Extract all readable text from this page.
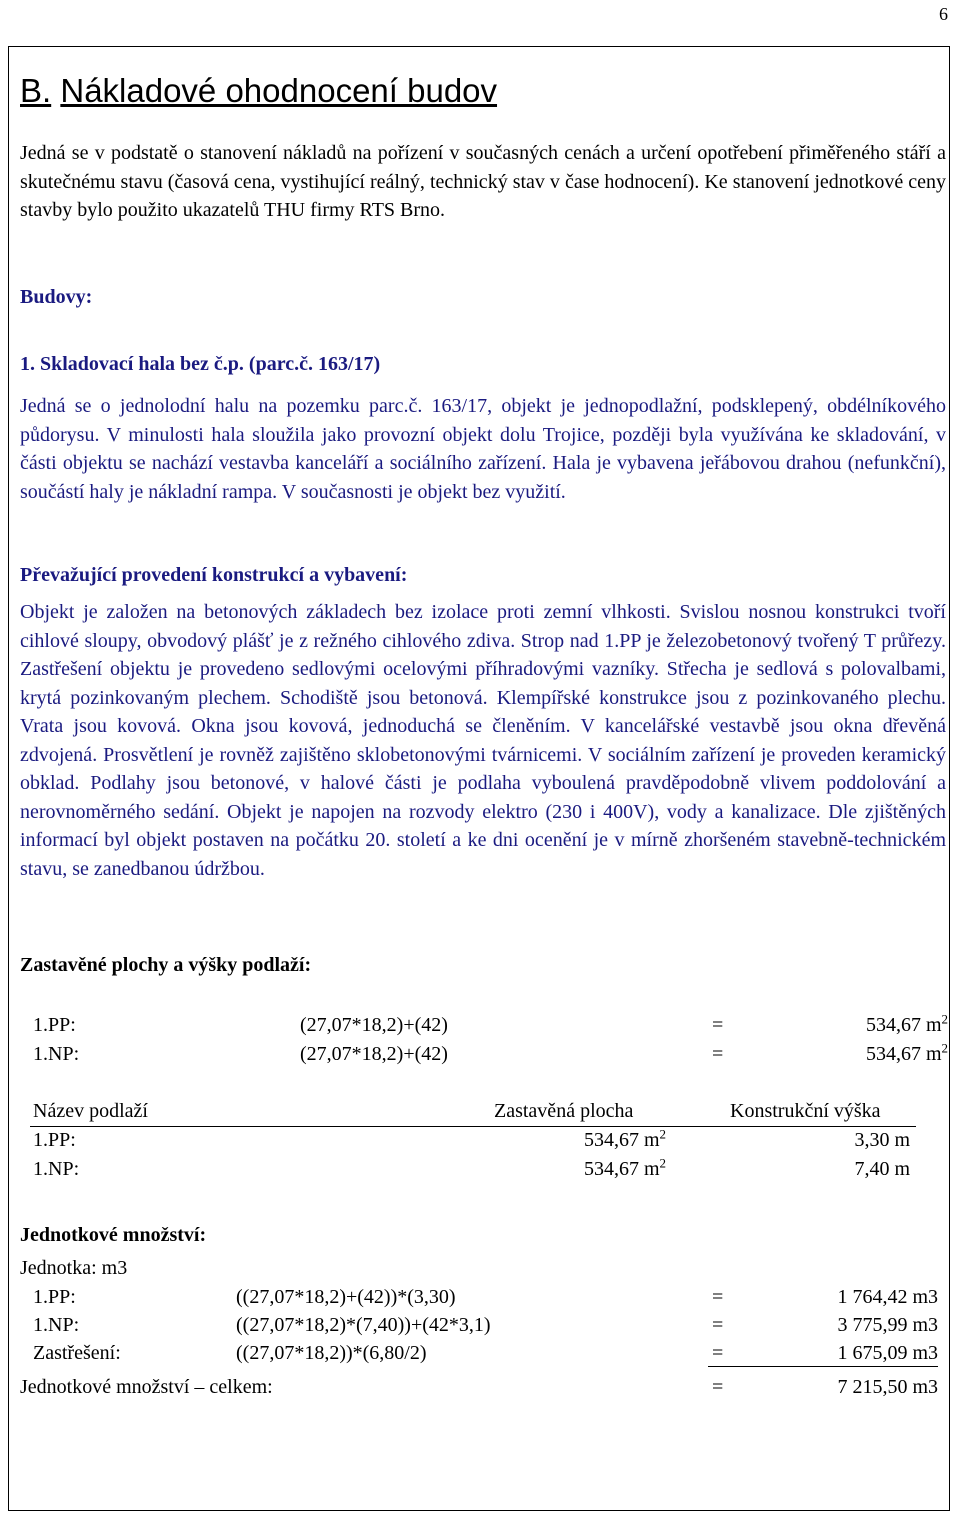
6
B. Nákladové ohodnocení budov
Jedná se v podstatě o stanovení nákladů na pořízení v současných cenách a určení opotřebení přiměřeného stáří a skutečnému stavu (časová cena, vystihující reálný, technický stav v čase hodnocení). Ke stanovení jednotkové ceny stavby bylo použito ukazatelů THU firmy RTS Brno.
Budovy:
1. Skladovací hala bez č.p. (parc.č. 163/17)
Jedná se o jednolodní halu na pozemku parc.č. 163/17, objekt je jednopodlažní, podsklepený, obdélníkového půdorysu. V minulosti hala sloužila jako provozní objekt dolu Trojice, později byla využívána ke skladování, v části objektu se nachází vestavba kanceláří a sociálního zařízení. Hala je vybavena jeřábovou drahou (nefunkční), součástí haly je nákladní rampa. V současnosti je objekt bez využití.
Převažující provedení konstrukcí a vybavení:
Objekt je založen na betonových základech bez izolace proti zemní vlhkosti. Svislou nosnou konstrukci tvoří cihlové sloupy, obvodový plášť je z režného cihlového zdiva. Strop nad 1.PP je železobetonový tvořený T průřezy. Zastřešení objektu je provedeno sedlovými ocelovými příhradovými vazníky. Střecha je sedlová s polovalbami, krytá pozinkovaným plechem. Schodiště jsou betonová. Klempířské konstrukce jsou z pozinkovaného plechu. Vrata jsou kovová. Okna jsou kovová, jednoduchá se členěním. V kancelářské vestavbě jsou okna dřevěná zdvojená. Prosvětlení je rovněž zajištěno sklobetonovými tvárnicemi. V sociálním zařízení je proveden keramický obklad. Podlahy jsou betonové, v halové části je podlaha vyboulená pravděpodobně vlivem poddolování a nerovnoměrného sedání. Objekt je napojen na rozvody elektro (230 i 400V), vody a kanalizace. Dle zjištěných informací byl objekt postaven na počátku 20. století a ke dni ocenění je v mírně zhoršeném stavebně-technickém stavu, se zanedbanou údržbou.
Zastavěné plochy a výšky podlaží:
1.PP:	(27,07*18,2)+(42)	=	534,67 $m^2$
1.NP:	(27,07*18,2)+(42)	=	534,67 $m^2$
Název podlaží	Zastavěná plocha	Konstrukční výška
1.PP:	534,67 $m^2$	3,30 m
1.NP:	534,67 $m^2$	7,40 m
Jednotkové množství:
Jednotka: m3
1.PP:	((27,07*18,2)+(42))*(3,30)	=	1 764,42 m3
1.NP:	((27,07*18,2)*(7,40))+(42*3,1)	=	3 775,99 m3
Zastřešení:	((27,07*18,2))*(6,80/2)	=	1 675,09 m3
Jednotkové množství – celkem:	=	7 215,50 m3
